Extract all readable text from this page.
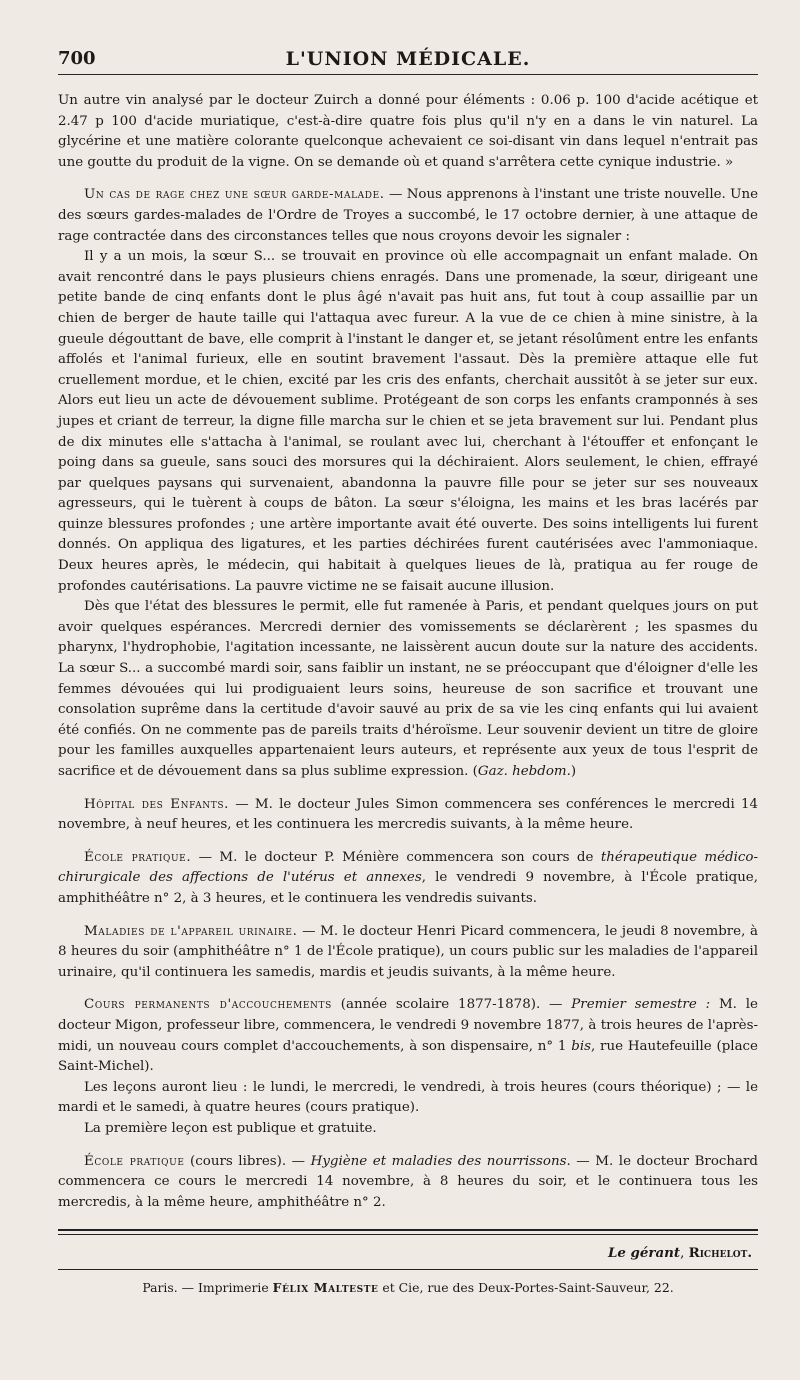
700	L'UNION MÉDICALE.

Un autre vin analysé par le docteur Zuirch a donné pour éléments : 0.06 p. 100 d'acide acétique et 2.47 p 100 d'acide muriatique, c'est-à-dire quatre fois plus qu'il n'y en a dans le vin naturel. La glycérine et une matière colorante quelconque achevaient ce soi-disant vin dans lequel n'entrait pas une goutte du produit de la vigne. On se demande où et quand s'arrêtera cette cynique industrie. »

Un cas de rage chez une sœur garde-malade. — Nous apprenons à l'instant une triste nouvelle. Une des sœurs gardes-malades de l'Ordre de Troyes a succombé, le 17 octobre dernier, à une attaque de rage contractée dans des circonstances telles que nous croyons devoir les signaler :

Il y a un mois, la sœur S... se trouvait en province où elle accompagnait un enfant malade. On avait rencontré dans le pays plusieurs chiens enragés. Dans une promenade, la sœur, dirigeant une petite bande de cinq enfants dont le plus âgé n'avait pas huit ans, fut tout à coup assaillie par un chien de berger de haute taille qui l'attaqua avec fureur. A la vue de ce chien à mine sinistre, à la gueule dégouttant de bave, elle comprit à l'instant le danger et, se jetant résolûment entre les enfants affolés et l'animal furieux, elle en soutint bravement l'assaut. Dès la première attaque elle fut cruellement mordue, et le chien, excité par les cris des enfants, cherchait aussitôt à se jeter sur eux. Alors eut lieu un acte de dévouement sublime. Protégeant de son corps les enfants cramponnés à ses jupes et criant de terreur, la digne fille marcha sur le chien et se jeta bravement sur lui. Pendant plus de dix minutes elle s'attacha à l'animal, se roulant avec lui, cherchant à l'étouffer et enfonçant le poing dans sa gueule, sans souci des morsures qui la déchiraient. Alors seulement, le chien, effrayé par quelques paysans qui survenaient, abandonna la pauvre fille pour se jeter sur ses nouveaux agresseurs, qui le tuèrent à coups de bâton. La sœur s'éloigna, les mains et les bras lacérés par quinze blessures profondes ; une artère importante avait été ouverte. Des soins intelligents lui furent donnés. On appliqua des ligatures, et les parties déchirées furent cautérisées avec l'ammoniaque. Deux heures après, le médecin, qui habitait à quelques lieues de là, pratiqua au fer rouge de profondes cautérisations. La pauvre victime ne se faisait aucune illusion.

Dès que l'état des blessures le permit, elle fut ramenée à Paris, et pendant quelques jours on put avoir quelques espérances. Mercredi dernier des vomissements se déclarèrent ; les spasmes du pharynx, l'hydrophobie, l'agitation incessante, ne laissèrent aucun doute sur la nature des accidents. La sœur S... a succombé mardi soir, sans faiblir un instant, ne se préoccupant que d'éloigner d'elle les femmes dévouées qui lui prodiguaient leurs soins, heureuse de son sacrifice et trouvant une consolation suprême dans la certitude d'avoir sauvé au prix de sa vie les cinq enfants qui lui avaient été confiés. On ne commente pas de pareils traits d'héroïsme. Leur souvenir devient un titre de gloire pour les familles auxquelles appartenaient leurs auteurs, et représente aux yeux de tous l'esprit de sacrifice et de dévouement dans sa plus sublime expression. (Gaz. hebdom.)

Hôpital des Enfants. — M. le docteur Jules Simon commencera ses conférences le mercredi 14 novembre, à neuf heures, et les continuera les mercredis suivants, à la même heure.

École pratique. — M. le docteur P. Ménière commencera son cours de thérapeutique médico-chirurgicale des affections de l'utérus et annexes, le vendredi 9 novembre, à l'École pratique, amphithéâtre n° 2, à 3 heures, et le continuera les vendredis suivants.

Maladies de l'appareil urinaire. — M. le docteur Henri Picard commencera, le jeudi 8 novembre, à 8 heures du soir (amphithéâtre n° 1 de l'École pratique), un cours public sur les maladies de l'appareil urinaire, qu'il continuera les samedis, mardis et jeudis suivants, à la même heure.

Cours permanents d'accouchements (année scolaire 1877-1878). — Premier semestre : M. le docteur Migon, professeur libre, commencera, le vendredi 9 novembre 1877, à trois heures de l'après-midi, un nouveau cours complet d'accouchements, à son dispensaire, n° 1 bis, rue Hautefeuille (place Saint-Michel).

Les leçons auront lieu : le lundi, le mercredi, le vendredi, à trois heures (cours théorique) ; — le mardi et le samedi, à quatre heures (cours pratique).

La première leçon est publique et gratuite.

École pratique (cours libres). — Hygiène et maladies des nourrissons. — M. le docteur Brochard commencera ce cours le mercredi 14 novembre, à 8 heures du soir, et le continuera tous les mercredis, à la même heure, amphithéâtre n° 2.

Le gérant, Richelot.
Paris. — Imprimerie Félix Malteste et Cie, rue des Deux-Portes-Saint-Sauveur, 22.
